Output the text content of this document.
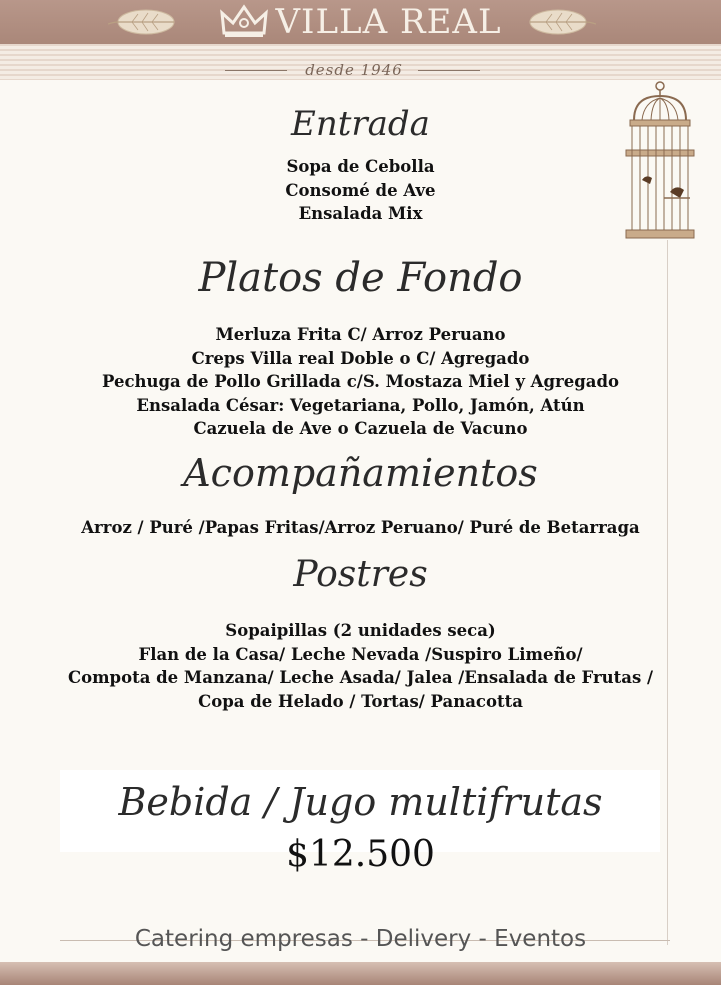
VILLA REAL
desde 1946
Entrada
Sopa de Cebolla
Consomé de Ave
Ensalada Mix
Platos de Fondo
Merluza Frita C/ Arroz Peruano
Creps Villa real Doble o C/ Agregado
Pechuga de Pollo Grillada c/S. Mostaza Miel y Agregado
Ensalada César: Vegetariana, Pollo, Jamón, Atún
Cazuela de Ave o Cazuela de Vacuno
Acompañamientos
Arroz / Puré /Papas Fritas/Arroz Peruano/ Puré de Betarraga
Postres
Sopaipillas (2 unidades seca)
Flan de la Casa/ Leche Nevada /Suspiro Limeño/
Compota de Manzana/ Leche Asada/ Jalea /Ensalada de Frutas /
Copa de Helado / Tortas/ Panacotta
Bebida / Jugo multifrutas
$12.500
Catering empresas - Delivery - Eventos
